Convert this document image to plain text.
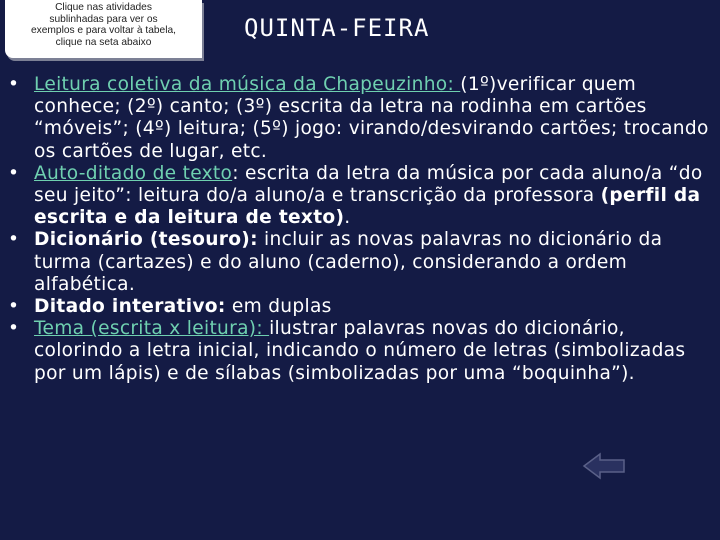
Clique nas atividades
sublinhadas para ver os
exemplos e para voltar à tabela,
clique na seta abaixo
QUINTA-FEIRA
• Leitura coletiva da música da Chapeuzinho: (1º)verificar quem conhece; (2º) canto; (3º) escrita da letra na rodinha em cartões “móveis”; (4º) leitura; (5º) jogo: virando/desvirando cartões; trocando os cartões de lugar, etc.
• Auto-ditado de texto: escrita da letra da música por cada aluno/a “do seu jeito”: leitura do/a aluno/a e transcrição da professora (perfil da escrita e da leitura de texto).
• Dicionário (tesouro): incluir as novas palavras no dicionário da turma (cartazes) e do aluno (caderno), considerando a ordem alfabética.
• Ditado interativo: em duplas
• Tema (escrita x leitura): ilustrar palavras novas do dicionário, colorindo a letra inicial, indicando o número de letras (simbolizadas por um lápis) e de sílabas (simbolizadas por uma “boquinha”).
